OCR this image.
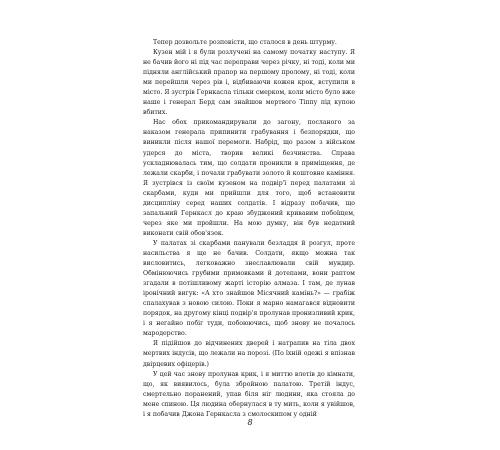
Тепер дозвольте розповісти, що сталося в день штурму.

Кузен мій і я були розлучені на самому початку наступу. Я не бачив його ні під час переправи через річку, ні тоді, коли ми підняли англійський прапор на першому пролому, ні тоді, коли ми перейшли через рів і, відбиваючи кожен крок, вступили в місто. Я зустрів Гернкасла тільки смерком, коли місто було вже наше і генерал Берд сам знайшов мертвого Тіппу під купою вбитих.

Нас обох прикомандирували до загону, посланого за наказом генерала припинити грабування і безпорядки, що виникли після нашої перемоги. Набрід, що разом з військом удерся до міста, творив великі безчинства. Справа ускладнювалась тим, що солдати проникли в приміщення, де лежали скарби, і почали грабувати золото й коштовне каміння. Я зустрівся із своїм кузеном на подвір'ї перед палатами зі скарбами, куди ми прийшли для того, щоб встановити дисципліну серед наших солдатів. І відразу побачив, що запальний Гернкасл до краю збуджений кривавим побоїщем, через яке ми пройшли. На мою думку, він був недатний виконати свій обов'язок.

У палатах зі скарбами панували безладдя й розгул, проте насильства я ще не бачив. Солдати, якщо можна так висловитись, легковажно знеславлювали свій мундир. Обмінюючись грубими примовками й дотепами, вони раптом згадали в потішливому жарті історію алмаза. І там, де лунав іронічний вигук: «А хто знайшов Місячний камінь?» — грабіж спалахував з новою силою. Поки я марно намагався відновити порядок, на другому кінці подвір'я пролунав пронизливий крик, і я негайно побіг туди, побоюючись, щоб знову не почалось мародерство.

Я підійшов до відчинених дверей і натрапив на тіла двох мертвих індусів, що лежали на порозі. (По їхній одежі я впізнав двірцевих офіцерів.)

У цей час знову пролунав крик, і я миттю влетів до кімнати, що, як виявилось, була збройною палатою. Третій індус, смертельно поранений, упав біля ніг людини, яка стояла до мене спиною. Ця людина обернулася в ту мить, коли я увійшов, і я побачив Джона Гернкасла з смолоскипом у одній

8
